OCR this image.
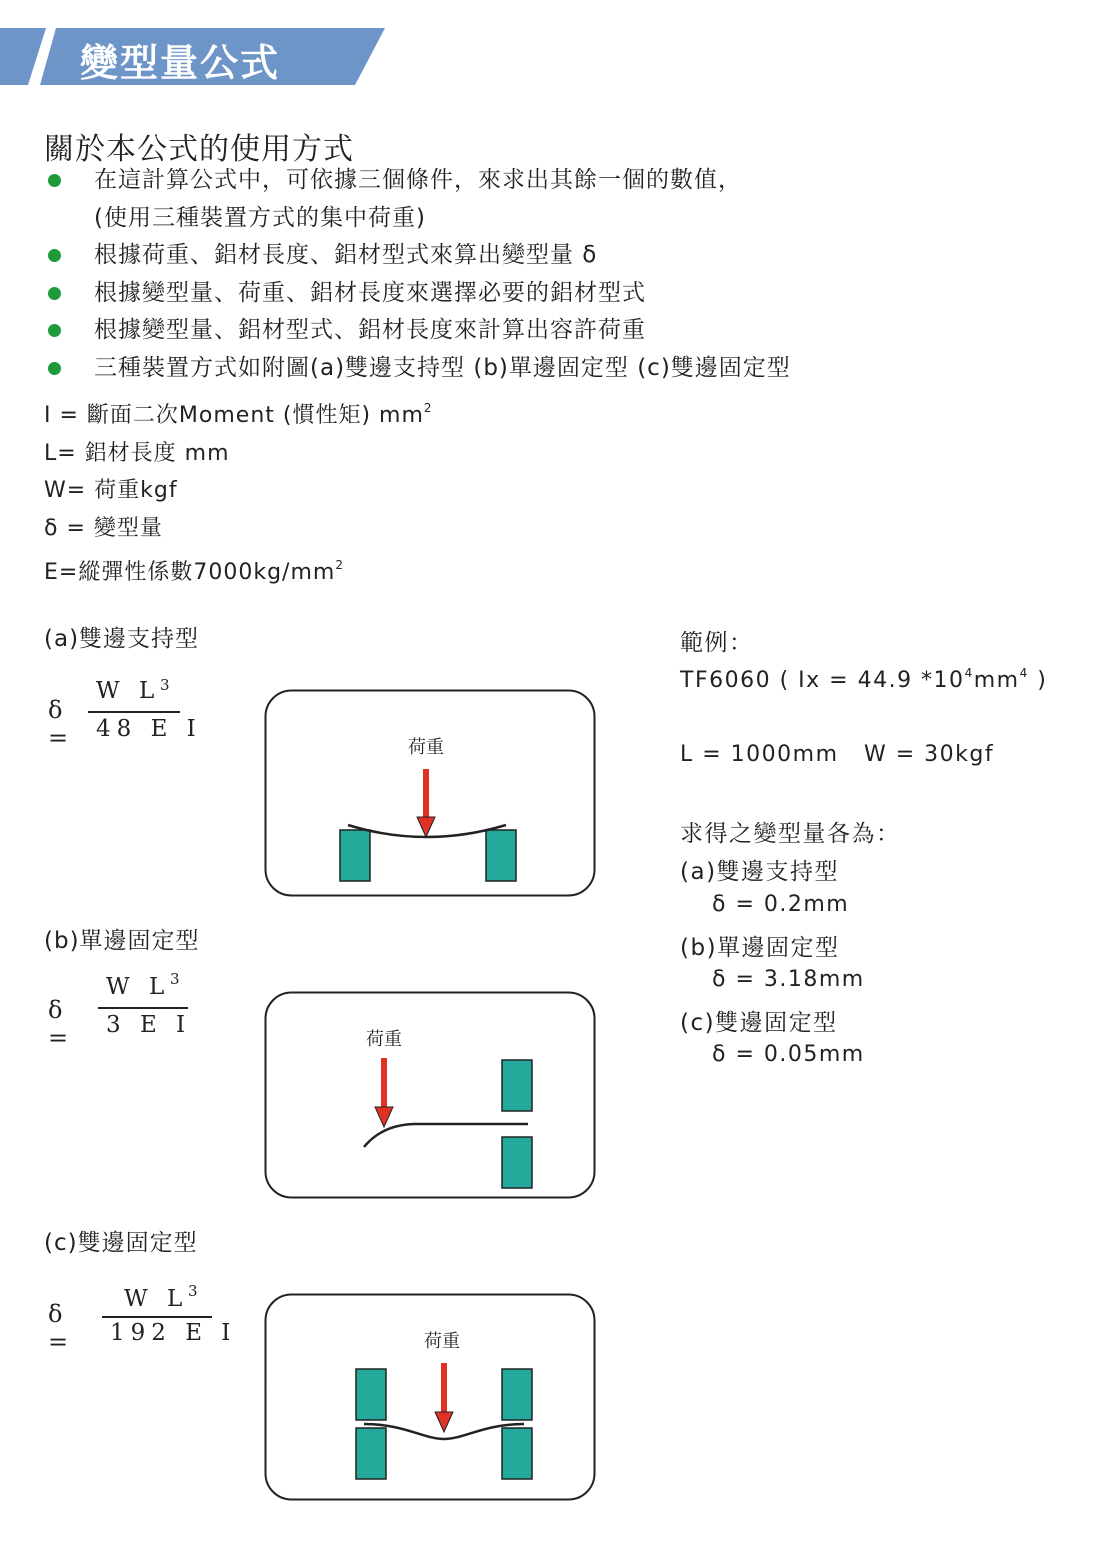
變型量公式
關於本公式的使用方式
在這計算公式中，可依據三個條件，來求出其餘一個的數值，
(使用三種裝置方式的集中荷重)
根據荷重、鋁材長度、鋁材型式來算出變型量 δ
根據變型量、荷重、鋁材長度來選擇必要的鋁材型式
根據變型量、鋁材型式、鋁材長度來計算出容許荷重
三種裝置方式如附圖(a)雙邊支持型 (b)單邊固定型 (c)雙邊固定型
I = 斷面二次Moment (慣性矩) $mm^2$
L= 鋁材長度 mm
W= 荷重kgf
δ = 變型量
E=縱彈性係數$7000kg/mm^2$
(a)雙邊支持型
δ =
W L 3
48 E I
荷重
(b)單邊固定型
δ =
W L 3
3 E I
荷重
(c)雙邊固定型
δ =
W L 3
192 E I	荷重
範例：
TF6060 ( Ix = 44.9 $*10^4mm^4$ )
L = 1000mm   W = 30kgf
求得之變型量各為：
(a)雙邊支持型
δ = 0.2mm
(b)單邊固定型
δ = 3.18mm
(c)雙邊固定型
δ = 0.05mm
